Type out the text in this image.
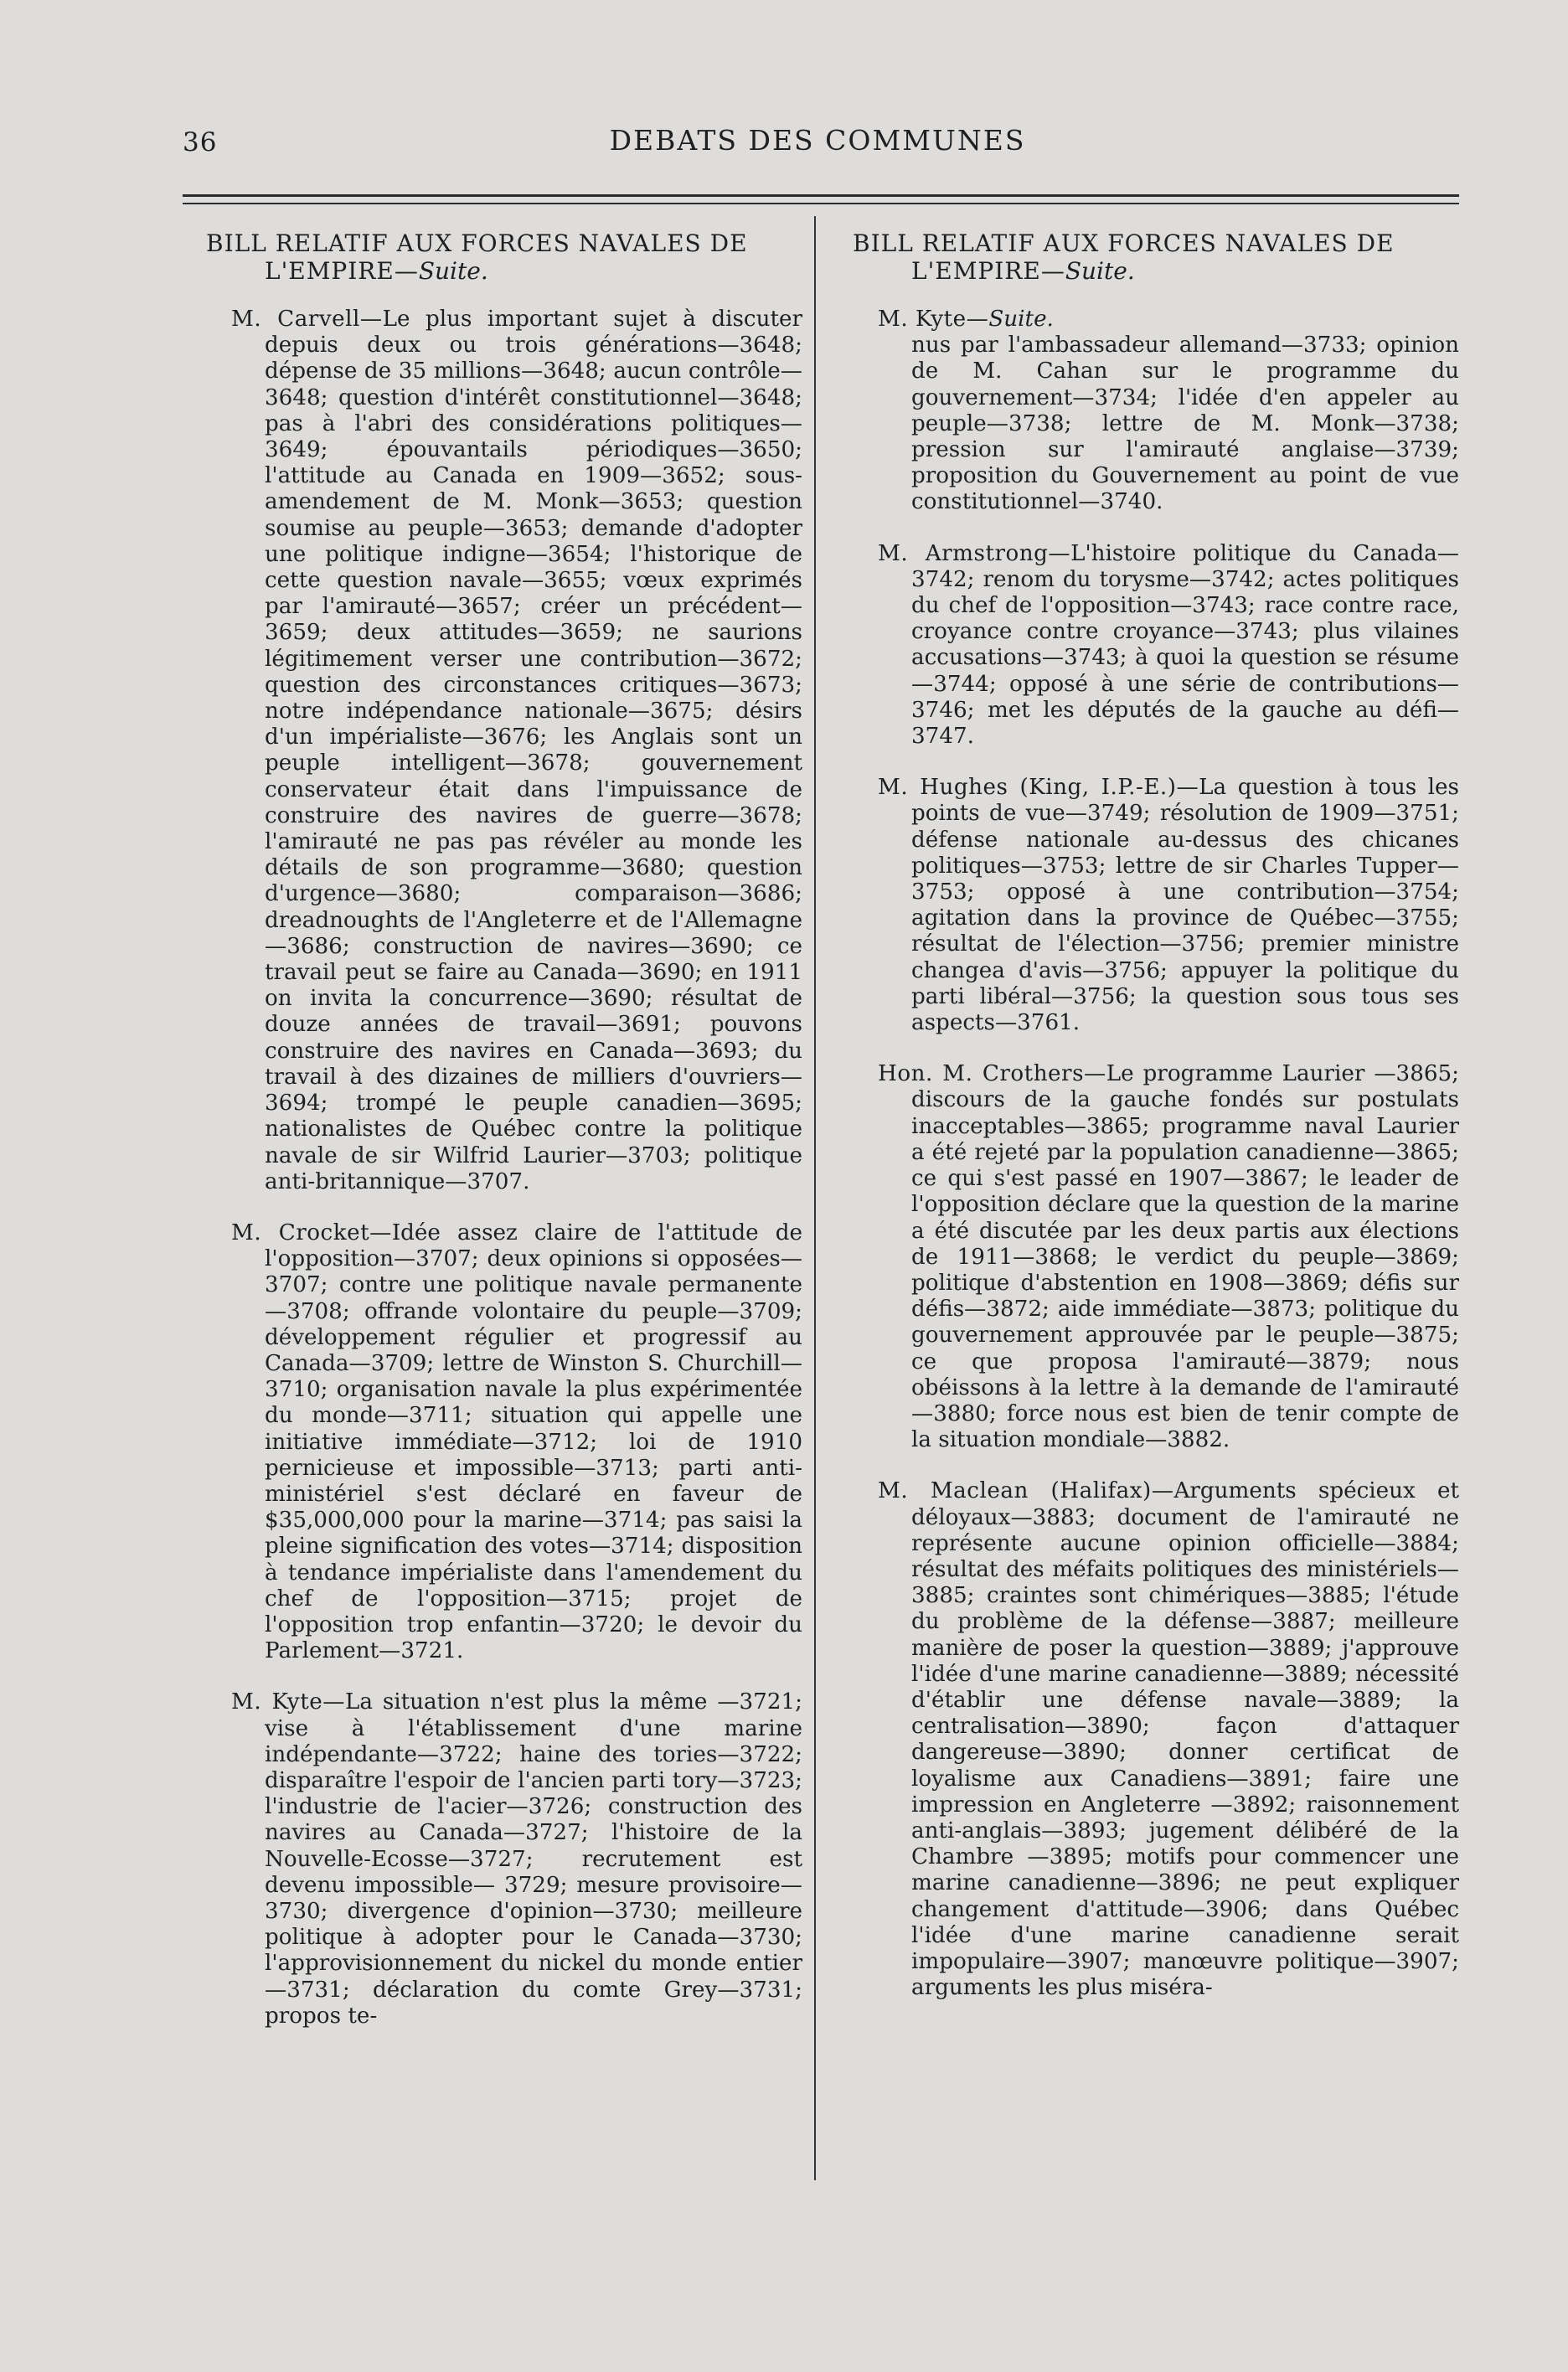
36	DEBATS DES COMMUNES
BILL RELATIF AUX FORCES NAVALES DE L'EMPIRE—Suite.

M. Carvell—Le plus important sujet à discuter depuis deux ou trois générations—3648; dépense de 35 millions—3648; aucun contrôle—3648; question d'intérêt constitutionnel—3648; pas à l'abri des considérations politiques—3649; épouvantails périodiques—3650; l'attitude au Canada en 1909—3652; sous-amendement de M. Monk—3653; question soumise au peuple—3653; demande d'adopter une politique indigne—3654; l'historique de cette question navale—3655; vœux exprimés par l'amirauté—3657; créer un précédent—3659; deux attitudes—3659; ne saurions légitimement verser une contribution—3672; question des circonstances critiques—3673; notre indépendance nationale—3675; désirs d'un impérialiste—3676; les Anglais sont un peuple intelligent—3678; gouvernement conservateur était dans l'impuissance de construire des navires de guerre—3678; l'amirauté ne pas pas révéler au monde les détails de son programme—3680; question d'urgence—3680; comparaison—3686; dreadnoughts de l'Angleterre et de l'Allemagne—3686; construction de navires—3690; ce travail peut se faire au Canada—3690; en 1911 on invita la concurrence—3690; résultat de douze années de travail—3691; pouvons construire des navires en Canada—3693; du travail à des dizaines de milliers d'ouvriers—3694; trompé le peuple canadien—3695; nationalistes de Québec contre la politique navale de sir Wilfrid Laurier—3703; politique anti-britannique—3707.

M. Crocket—Idée assez claire de l'attitude de l'opposition—3707; deux opinions si opposées—3707; contre une politique navale permanente—3708; offrande volontaire du peuple—3709; développement régulier et progressif au Canada—3709; lettre de Winston S. Churchill—3710; organisation navale la plus expérimentée du monde—3711; situation qui appelle une initiative immédiate—3712; loi de 1910 pernicieuse et impossible—3713; parti anti-ministériel s'est déclaré en faveur de $35,000,000 pour la marine—3714; pas saisi la pleine signification des votes—3714; disposition à tendance impérialiste dans l'amendement du chef de l'opposition—3715; projet de l'opposition trop enfantin—3720; le devoir du Parlement—3721.

M. Kyte—La situation n'est plus la même —3721; vise à l'établissement d'une marine indépendante—3722; haine des tories—3722; disparaître l'espoir de l'ancien parti tory—3723; l'industrie de l'acier—3726; construction des navires au Canada—3727; l'histoire de la Nouvelle-Ecosse—3727; recrutement est devenu impossible— 3729; mesure provisoire—3730; divergence d'opinion—3730; meilleure politique à adopter pour le Canada—3730; l'approvisionnement du nickel du monde entier—3731; déclaration du comte Grey—3731; propos te-

BILL RELATIF AUX FORCES NAVALES DE L'EMPIRE—Suite.

M. Kyte—Suite.
nus par l'ambassadeur allemand—3733; opinion de M. Cahan sur le programme du gouvernement—3734; l'idée d'en appeler au peuple—3738; lettre de M. Monk—3738; pression sur l'amirauté anglaise—3739; proposition du Gouvernement au point de vue constitutionnel—3740.

M. Armstrong—L'histoire politique du Canada—3742; renom du torysme—3742; actes politiques du chef de l'opposition—3743; race contre race, croyance contre croyance—3743; plus vilaines accusations—3743; à quoi la question se résume—3744; opposé à une série de contributions—3746; met les députés de la gauche au défi—3747.

M. Hughes (King, I.P.-E.)—La question à tous les points de vue—3749; résolution de 1909—3751; défense nationale au-dessus des chicanes politiques—3753; lettre de sir Charles Tupper—3753; opposé à une contribution—3754; agitation dans la province de Québec—3755; résultat de l'élection—3756; premier ministre changea d'avis—3756; appuyer la politique du parti libéral—3756; la question sous tous ses aspects—3761.

Hon. M. Crothers—Le programme Laurier —3865; discours de la gauche fondés sur postulats inacceptables—3865; programme naval Laurier a été rejeté par la population canadienne—3865; ce qui s'est passé en 1907—3867; le leader de l'opposition déclare que la question de la marine a été discutée par les deux partis aux élections de 1911—3868; le verdict du peuple—3869; politique d'abstention en 1908—3869; défis sur défis—3872; aide immédiate—3873; politique du gouvernement approuvée par le peuple—3875; ce que proposa l'amirauté—3879; nous obéissons à la lettre à la demande de l'amirauté—3880; force nous est bien de tenir compte de la situation mondiale—3882.

M. Maclean (Halifax)—Arguments spécieux et déloyaux—3883; document de l'amirauté ne représente aucune opinion officielle—3884; résultat des méfaits politiques des ministériels—3885; craintes sont chimériques—3885; l'étude du problème de la défense—3887; meilleure manière de poser la question—3889; j'approuve l'idée d'une marine canadienne—3889; nécessité d'établir une défense navale—3889; la centralisation—3890; façon d'attaquer dangereuse—3890; donner certificat de loyalisme aux Canadiens—3891; faire une impression en Angleterre —3892; raisonnement anti-anglais—3893; jugement délibéré de la Chambre —3895; motifs pour commencer une marine canadienne—3896; ne peut expliquer changement d'attitude—3906; dans Québec l'idée d'une marine canadienne serait impopulaire—3907; manœuvre politique—3907; arguments les plus miséra-
